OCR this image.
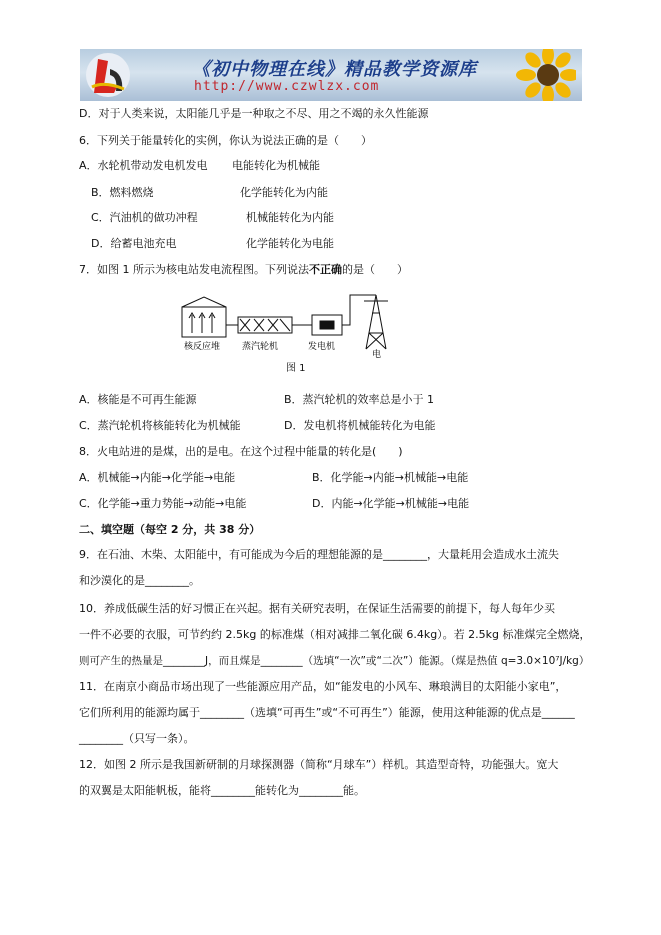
《初中物理在线》精品教学资源库
http://www.czwlzx.com
D．对于人类来说，太阳能几乎是一种取之不尽、用之不竭的永久性能源
6．下列关于能量转化的实例，你认为说法正确的是（　　）
A．水轮机带动发电机发电 电能转化为机械能
B．燃料燃烧	化学能转化为内能
C．汽油机的做功冲程	机械能转化为内能
D．给蓄电池充电	化学能转化为电能
7．如图 1 所示为核电站发电流程图。下列说法不正确的是（　　）
核反应堆 蒸汽轮机	发电机
电
图 1
A．核能是不可再生能源	B．蒸汽轮机的效率总是小于 1
C．蒸汽轮机将核能转化为机械能	D．发电机将机械能转化为电能
8．火电站进的是煤，出的是电。在这个过程中能量的转化是(　　)
A．机械能→内能→化学能→电能	B．化学能→内能→机械能→电能
C．化学能→重力势能→动能→电能	D．内能→化学能→机械能→电能
二、填空题（每空 2 分，共 38 分）
9．在石油、木柴、太阳能中，有可能成为今后的理想能源的是________，大量耗用会造成水土流失
和沙漠化的是________。
10．养成低碳生活的好习惯正在兴起。据有关研究表明，在保证生活需要的前提下，每人每年少买
一件不必要的衣服，可节约约 2.5kg 的标准煤（相对减排二氧化碳 6.4kg）。若 2.5kg 标准煤完全燃烧，
则可产生的热量是________J，而且煤是________（选填“一次”或“二次”）能源。（煤是热值 q=3.0×10⁷J/kg）
11．在南京小商品市场出现了一些能源应用产品，如“能发电的小风车、琳琅满目的太阳能小家电”，
它们所利用的能源均属于________（选填“可再生”或“不可再生”）能源，使用这种能源的优点是______
________（只写一条）。
12．如图 2 所示是我国新研制的月球探测器（简称“月球车”）样机。其造型奇特，功能强大。宽大
的双翼是太阳能帆板，能将________能转化为________能。
